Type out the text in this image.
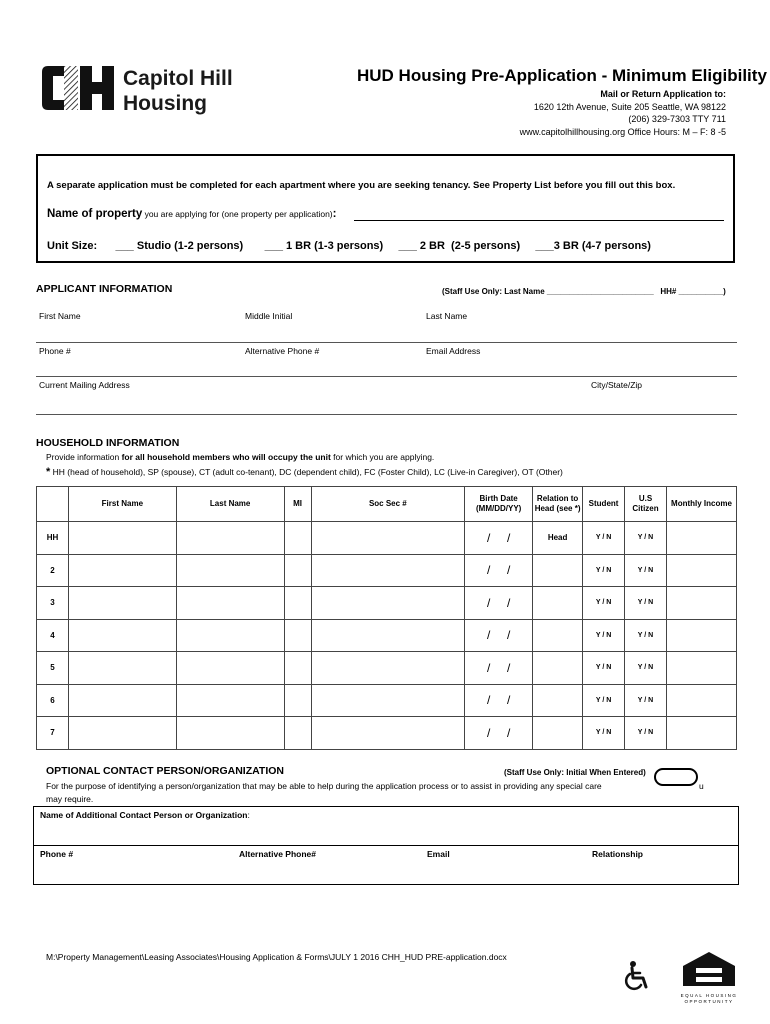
Capitol Hill
Housing
HUD Housing Pre-Application - Minimum Eligibility
Mail or Return Application to:
1620 12th Avenue, Suite 205 Seattle, WA 98122
(206) 329-7303 TTY 711
www.capitolhillhousing.org Office Hours: M – F: 8 -5
A separate application must be completed for each apartment where you are seeking tenancy. See Property List before you fill out this box.
Name of property you are applying for (one property per application):
Unit Size:      ___ Studio (1-2 persons)       ___ 1 BR (1-3 persons)     ___ 2 BR  (2-5 persons)     ___3 BR (4-7 persons)
APPLICANT INFORMATION	(Staff Use Only: Last Name ________________________   HH# __________)
First Name	Middle Initial	Last Name
Phone #	Alternative Phone #	Email Address
Current Mailing Address	City/State/Zip
HOUSEHOLD INFORMATION
Provide information for all household members who will occupy the unit for which you are applying.
* HH (head of household), SP (spouse), CT (adult co-tenant), DC (dependent child), FC (Foster Child), LC (Live-in Caregiver), OT (Other)
	First Name	Last Name	MI	Soc Sec #	Birth Date (MM/DD/YY)	Relation to Head (see *)	Student	U.S Citizen	Monthly Income
HH					/     /	Head	Y / N	Y / N	
2					/     /		Y / N	Y / N	
3					/     /		Y / N	Y / N	
4					/     /		Y / N	Y / N	
5					/     /		Y / N	Y / N	
6					/     /		Y / N	Y / N	
7					/     /		Y / N	Y / N	
OPTIONAL CONTACT PERSON/ORGANIZATION	(Staff Use Only: Initial When Entered)
For the purpose of identifying a person/organization that may be able to help during the application process or to assist in providing any special care	u
may require.
Name of Additional Contact Person or Organization:
Phone #	Alternative Phone#	Email	Relationship
M:\Property Management\Leasing Associates\Housing Application & Forms\JULY 1 2016 CHH_HUD PRE-application.docx
EQUAL HOUSING
OPPORTUNITY
